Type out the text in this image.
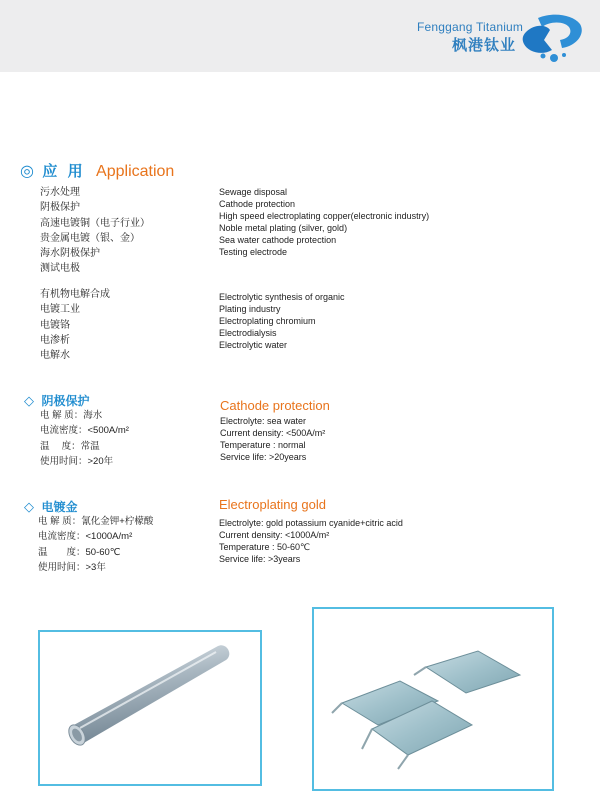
Fenggang Titanium
枫港钛业
◎ 应 用 Application
污水处理
阴极保护
高速电镀铜（电子行业）
贵金属电镀（银、金）
海水阴极保护
测试电极
Sewage disposal
Cathode protection
High speed electroplating copper(electronic industry)
Noble metal plating (silver, gold)
Sea water cathode protection
Testing electrode
有机物电解合成
电镀工业
电镀铬
电渗析
电解水
Electrolytic synthesis of organic
Plating industry
Electroplating chromium
Electrodialysis
Electrolytic water
◇ 阴极保护	Cathode protection
电 解 质：海水
电流密度：<500A/m²
温　 度：常温
使用时间：>20年
Electrolyte: sea water
Current density: <500A/m²
Temperature : normal
Service life: >20years
◇ 电镀金	Electroplating gold
电 解 质：氰化金钾+柠檬酸
电流密度：<1000A/m²
温　　度：50-60℃
使用时间：>3年
Electrolyte: gold potassium cyanide+citric acid
Current density: <1000A/m²
Temperature : 50-60℃
Service life: >3years
